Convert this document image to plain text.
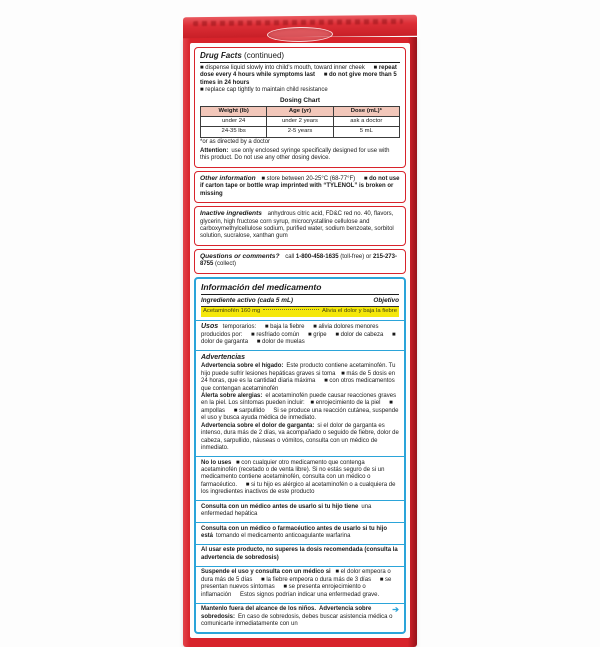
Drug Facts (continued)

■ dispense liquid slowly into child's mouth, toward inner cheek ■ repeat dose every 4 hours while symptoms last ■ do not give more than 5 times in 24 hours

■ replace cap tightly to maintain child resistance

Dosing Chart
Weight (lb)	Age (yr)	Dose (mL)*
under 24	under 2 years	ask a doctor
24-35 lbs	2-5 years	5 mL

*or as directed by a doctor

Attention: use only enclosed syringe specifically designed for use with this product. Do not use any other dosing device.

Other information ■ store between 20-25°C (68-77°F) ■ do not use if carton tape or bottle wrap imprinted with “TYLENOL” is broken or missing
Inactive ingredients anhydrous citric acid, FD&C red no. 40, flavors, glycerin, high fructose corn syrup, microcrystalline cellulose and carboxymethylcellulose sodium, purified water, sodium benzoate, sorbitol solution, sucralose, xanthan gum
Questions or comments? call 1-800-458-1635 (toll-free) or 215-273-8755 (collect)
Información del medicamento
Ingrediente activo (cada 5 mL)	Objetivo
Acetaminofén 160 mg	Alivia el dolor y baja la fiebre
Usos temporarios: ■ baja la fiebre ■ alivia dolores menores producidos por: ■ resfriado común ■ gripe ■ dolor de cabeza ■ dolor de garganta ■ dolor de muelas
Advertencias

Advertencia sobre el hígado: Este producto contiene acetaminofén. Tu hijo puede sufrir lesiones hepáticas graves si toma ■ más de 5 dosis en 24 horas, que es la cantidad diaria máxima ■ con otros medicamentos que contengan acetaminofén

Alerta sobre alergias: el acetaminofén puede causar reacciones graves en la piel. Los síntomas pueden incluir: ■ enrojecimiento de la piel ■ ampollas ■ sarpullido Si se produce una reacción cutánea, suspende el uso y busca ayuda médica de inmediato.

Advertencia sobre el dolor de garganta: si el dolor de garganta es intenso, dura más de 2 días, va acompañado o seguido de fiebre, dolor de cabeza, sarpullido, náuseas o vómitos, consulta con un médico de inmediato.

No lo uses ■ con cualquier otro medicamento que contenga acetaminofén (recetado o de venta libre). Si no estás seguro de si un medicamento contiene acetaminofén, consulta con un médico o farmacéutico. ■ si tu hijo es alérgico al acetaminofén o a cualquiera de los ingredientes inactivos de este producto
Consulta con un médico antes de usarlo si tu hijo tiene una enfermedad hepática
Consulta con un médico o farmacéutico antes de usarlo si tu hijo está tomando el medicamento anticoagulante warfarina
Al usar este producto, no superes la dosis recomendada (consulta la advertencia de sobredosis)
Suspende el uso y consulta con un médico si ■ el dolor empeora o dura más de 5 días ■ la fiebre empeora o dura más de 3 días ■ se presentan nuevos síntomas ■ se presenta enrojecimiento o inflamación Estos signos podrían indicar una enfermedad grave.
➔
Mantenlo fuera del alcance de los niños. Advertencia sobre sobredosis: En caso de sobredosis, debes buscar asistencia médica o comunicarte inmediatamente con un
